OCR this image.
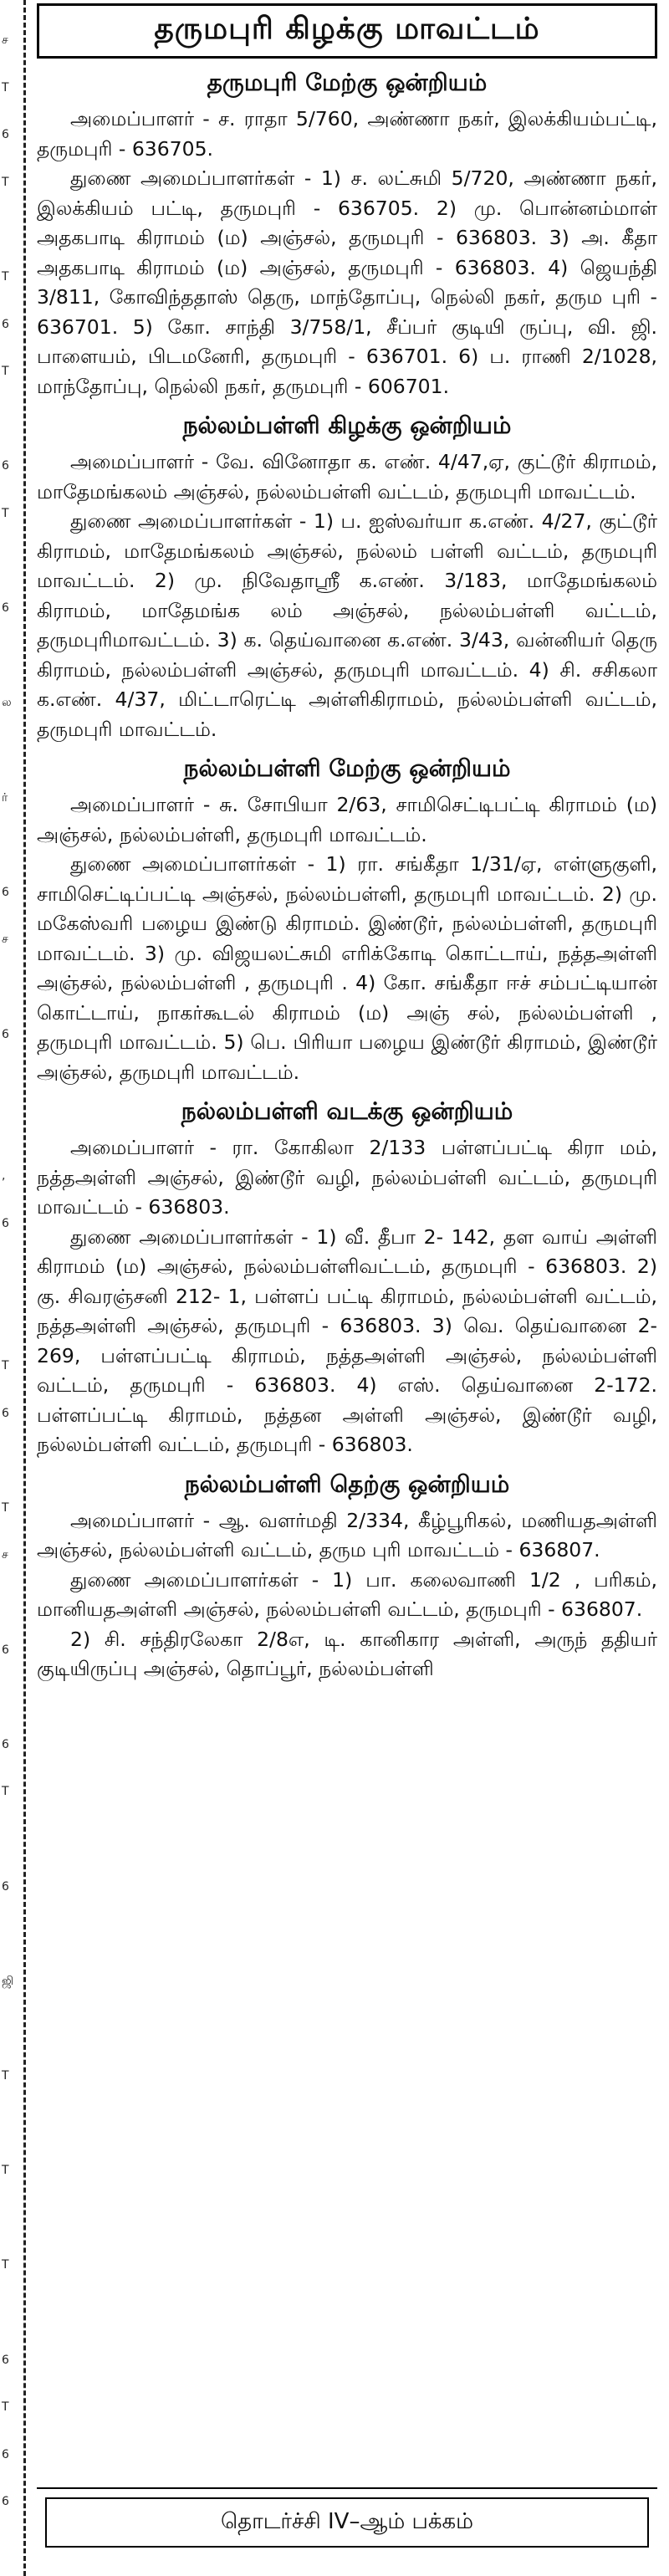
ச
T
6
T
T
6
T
6
T
6
ல
ர்
6
ச
6
,
6
T
6
T
ச
6
6
T
6
ஜி
T
T
T
6
T
6
6
தருமபுரி கிழக்கு மாவட்டம்
தருமபுரி மேற்கு ஒன்றியம்

அமைப்பாளர் - ச. ராதா 5/760, அண்ணா நகர், இலக்கியம்பட்டி, தருமபுரி - 636705.

துணை அமைப்பாளர்கள் - 1) ச. லட்சுமி 5/720, அண்ணா நகர், இலக்கியம் பட்டி, தருமபுரி - 636705. 2) மு. பொன்னம்மாள் அதகபாடி கிராமம் (ம) அஞ்சல், தருமபுரி - 636803. 3) அ. கீதா அதகபாடி கிராமம் (ம) அஞ்சல், தருமபுரி - 636803. 4) ஜெயந்தி 3/811, கோவிந்ததாஸ் தெரு, மாந்தோப்பு, நெல்லி நகர், தரும புரி - 636701. 5) கோ. சாந்தி 3/758/1, சீப்பர் குடியி ருப்பு, வி. ஜி. பாளையம், பிடமனேரி, தருமபுரி - 636701. 6) ப. ராணி 2/1028, மாந்தோப்பு, நெல்லி நகர், தருமபுரி - 606701.

நல்லம்பள்ளி கிழக்கு ஒன்றியம்

அமைப்பாளர் - வே. வினோதா க. எண். 4/47,ஏ, குட்டூர் கிராமம், மாதேமங்கலம் அஞ்சல், நல்லம்பள்ளி வட்டம், தருமபுரி மாவட்டம்.

துணை அமைப்பாளர்கள் - 1) ப. ஐஸ்வர்யா க.எண். 4/27, குட்டூர் கிராமம், மாதேமங்கலம் அஞ்சல், நல்லம் பள்ளி வட்டம், தருமபுரி மாவட்டம். 2) மு. நிவேதாஸ்ரீ க.எண். 3/183, மாதேமங்கலம் கிராமம், மாதேமங்க லம் அஞ்சல், நல்லம்பள்ளி வட்டம், தருமபுரிமாவட்டம். 3) க. தெய்வானை க.எண். 3/43, வன்னியர் தெரு கிராமம், நல்லம்பள்ளி அஞ்சல், தருமபுரி மாவட்டம். 4) சி. சசிகலா க.எண். 4/37, மிட்டாரெட்டி அள்ளிகிராமம், நல்லம்பள்ளி வட்டம், தருமபுரி மாவட்டம்.

நல்லம்பள்ளி மேற்கு ஒன்றியம்

அமைப்பாளர் - சு. சோபியா 2/63, சாமிசெட்டிபட்டி கிராமம் (ம) அஞ்சல், நல்லம்பள்ளி, தருமபுரி மாவட்டம்.

துணை அமைப்பாளர்கள் - 1) ரா. சங்கீதா 1/31/ஏ, எள்ளுகுளி, சாமிசெட்டிப்பட்டி அஞ்சல், நல்லம்பள்ளி, தருமபுரி மாவட்டம். 2) மு. மகேஸ்வரி பழைய இண்டு கிராமம். இண்டூர், நல்லம்பள்ளி, தருமபுரி மாவட்டம். 3) மு. விஜயலட்சுமி எரிக்கோடி கொட்டாய், நத்தஅள்ளி அஞ்சல், நல்லம்பள்ளி , தருமபுரி . 4) கோ. சங்கீதா ஈச் சம்பட்டியான் கொட்டாய், நாகர்கூடல் கிராமம் (ம) அஞ் சல், நல்லம்பள்ளி , தருமபுரி மாவட்டம். 5) பெ. பிரியா பழைய இண்டூர் கிராமம், இண்டூர் அஞ்சல், தருமபுரி மாவட்டம்.

நல்லம்பள்ளி வடக்கு ஒன்றியம்

அமைப்பாளர் - ரா. கோகிலா 2/133 பள்ளப்பட்டி கிரா மம், நத்தஅள்ளி அஞ்சல், இண்டூர் வழி, நல்லம்பள்ளி வட்டம், தருமபுரி மாவட்டம் - 636803.

துணை அமைப்பாளர்கள் - 1) வீ. தீபா 2- 142, தள வாய் அள்ளி கிராமம் (ம) அஞ்சல், நல்லம்பள்ளிவட்டம், தருமபுரி - 636803. 2) கு. சிவரஞ்சனி 212- 1, பள்ளப் பட்டி கிராமம், நல்லம்பள்ளி வட்டம், நத்தஅள்ளி அஞ்சல், தருமபுரி - 636803. 3) வெ. தெய்வானை 2-269, பள்ளப்பட்டி கிராமம், நத்தஅள்ளி அஞ்சல், நல்லம்பள்ளி வட்டம், தருமபுரி - 636803. 4) எஸ். தெய்வானை 2-172. பள்ளப்பட்டி கிராமம், நத்தன அள்ளி அஞ்சல், இண்டூர் வழி, நல்லம்பள்ளி வட்டம், தருமபுரி - 636803.

நல்லம்பள்ளி தெற்கு ஒன்றியம்

அமைப்பாளர் - ஆ. வளர்மதி 2/334, கீழ்பூரிகல், மணியதஅள்ளி அஞ்சல், நல்லம்பள்ளி வட்டம், தரும புரி மாவட்டம் - 636807.

துணை அமைப்பாளர்கள் - 1) பா. கலைவாணி 1/2 , பரிகம், மானியதஅள்ளி அஞ்சல், நல்லம்பள்ளி வட்டம், தருமபுரி - 636807.

2) சி. சந்திரலேகா 2/8எ, டி. கானிகார அள்ளி, அருந் ததியர் குடியிருப்பு அஞ்சல், தொப்பூர், நல்லம்பள்ளி

தொடர்ச்சி IV–ஆம் பக்கம்
